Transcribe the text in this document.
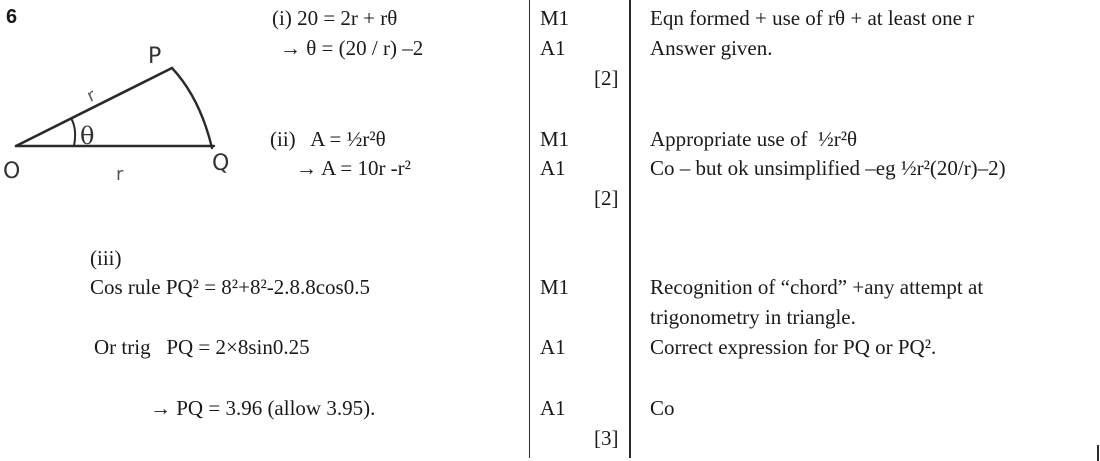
6
O
P
Q
θ
r
r
(i) 20 = 2r + rθ
→ θ = (20 / r) –2
M1
A1
[2]
Eqn formed + use of rθ + at least one r
Answer given.
(ii)   A = ½r²θ
→ A = 10r -r²
M1
A1
[2]
Appropriate use of  ½r²θ
Co – but ok unsimplified –eg ½r²(20/r)–2)
(iii)
Cos rule PQ² = 8²+8²-2.8.8cos0.5
Or trig   PQ = 2×8sin0.25
→ PQ = 3.96 (allow 3.95).
M1
A1
A1
[3]
Recognition of “chord” +any attempt at
trigonometry in triangle.
Correct expression for PQ or PQ².
Co
